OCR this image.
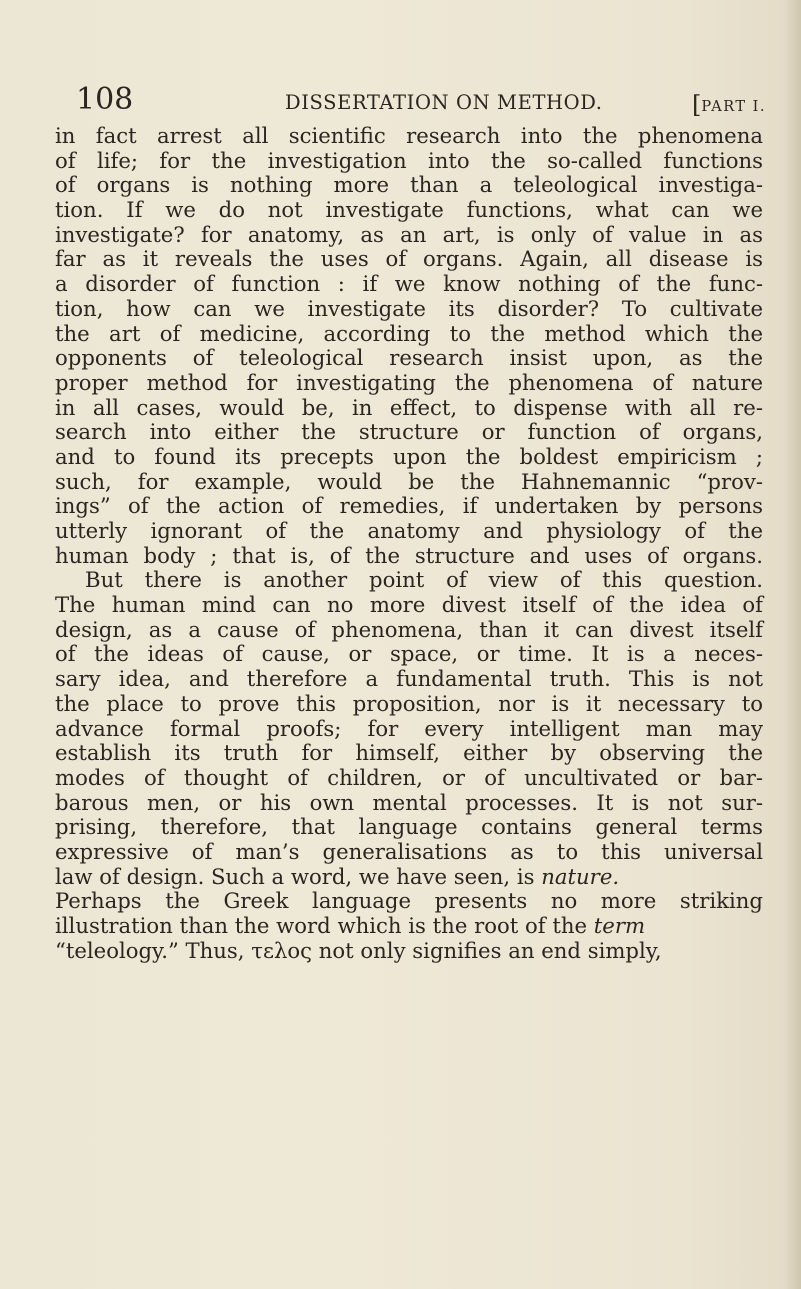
108	DISSERTATION ON METHOD.	[PART I.
in fact arrest all scientific research into the phenomena
of life; for the investigation into the so-called functions
of organs is nothing more than a teleological investiga-
tion. If we do not investigate functions, what can we
investigate? for anatomy, as an art, is only of value in as
far as it reveals the uses of organs. Again, all disease is
a disorder of function : if we know nothing of the func-
tion, how can we investigate its disorder? To cultivate
the art of medicine, according to the method which the
opponents of teleological research insist upon, as the
proper method for investigating the phenomena of nature
in all cases, would be, in effect, to dispense with all re-
search into either the structure or function of organs,
and to found its precepts upon the boldest empiricism ;
such, for example, would be the Hahnemannic “prov-
ings” of the action of remedies, if undertaken by persons
utterly ignorant of the anatomy and physiology of the
human body ; that is, of the structure and uses of organs.
But there is another point of view of this question.
The human mind can no more divest itself of the idea of
design, as a cause of phenomena, than it can divest itself
of the ideas of cause, or space, or time. It is a neces-
sary idea, and therefore a fundamental truth. This is not
the place to prove this proposition, nor is it necessary to
advance formal proofs; for every intelligent man may
establish its truth for himself, either by observing the
modes of thought of children, or of uncultivated or bar-
barous men, or his own mental processes. It is not sur-
prising, therefore, that language contains general terms
expressive of man’s generalisations as to this universal
law of design. Such a word, we have seen, is nature.
Perhaps the Greek language presents no more striking
illustration than the word which is the root of the term
“teleology.” Thus, τελος not only signifies an end simply,
